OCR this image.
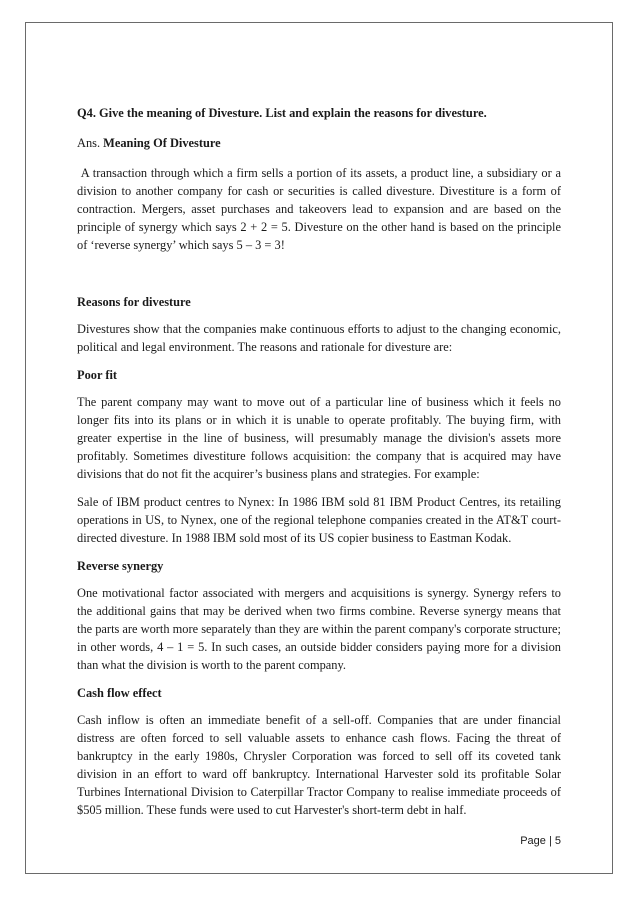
Q4. Give the meaning of Divesture. List and explain the reasons for divesture.

Ans. Meaning Of Divesture

A transaction through which a firm sells a portion of its assets, a product line, a subsidiary or a division to another company for cash or securities is called divesture. Divestiture is a form of contraction. Mergers, asset purchases and takeovers lead to expansion and are based on the principle of synergy which says 2 + 2 = 5. Divesture on the other hand is based on the principle of ‘reverse synergy’ which says 5 – 3 = 3!

Reasons for divesture

Divestures show that the companies make continuous efforts to adjust to the changing economic, political and legal environment. The reasons and rationale for divesture are:

Poor fit

The parent company may want to move out of a particular line of business which it feels no longer fits into its plans or in which it is unable to operate profitably. The buying firm, with greater expertise in the line of business, will presumably manage the division's assets more profitably. Sometimes divestiture follows acquisition: the company that is acquired may have divisions that do not fit the acquirer’s business plans and strategies. For example:

Sale of IBM product centres to Nynex: In 1986 IBM sold 81 IBM Product Centres, its retailing operations in US, to Nynex, one of the regional telephone companies created in the AT&T court-directed divesture. In 1988 IBM sold most of its US copier business to Eastman Kodak.

Reverse synergy

One motivational factor associated with mergers and acquisitions is synergy. Synergy refers to the additional gains that may be derived when two firms combine. Reverse synergy means that the parts are worth more separately than they are within the parent company's corporate structure; in other words, 4 – 1 = 5. In such cases, an outside bidder considers paying more for a division than what the division is worth to the parent company.

Cash flow effect

Cash inflow is often an immediate benefit of a sell-off. Companies that are under financial distress are often forced to sell valuable assets to enhance cash flows. Facing the threat of bankruptcy in the early 1980s, Chrysler Corporation was forced to sell off its coveted tank division in an effort to ward off bankruptcy. International Harvester sold its profitable Solar Turbines International Division to Caterpillar Tractor Company to realise immediate proceeds of $505 million. These funds were used to cut Harvester's short-term debt in half.

Page | 5
